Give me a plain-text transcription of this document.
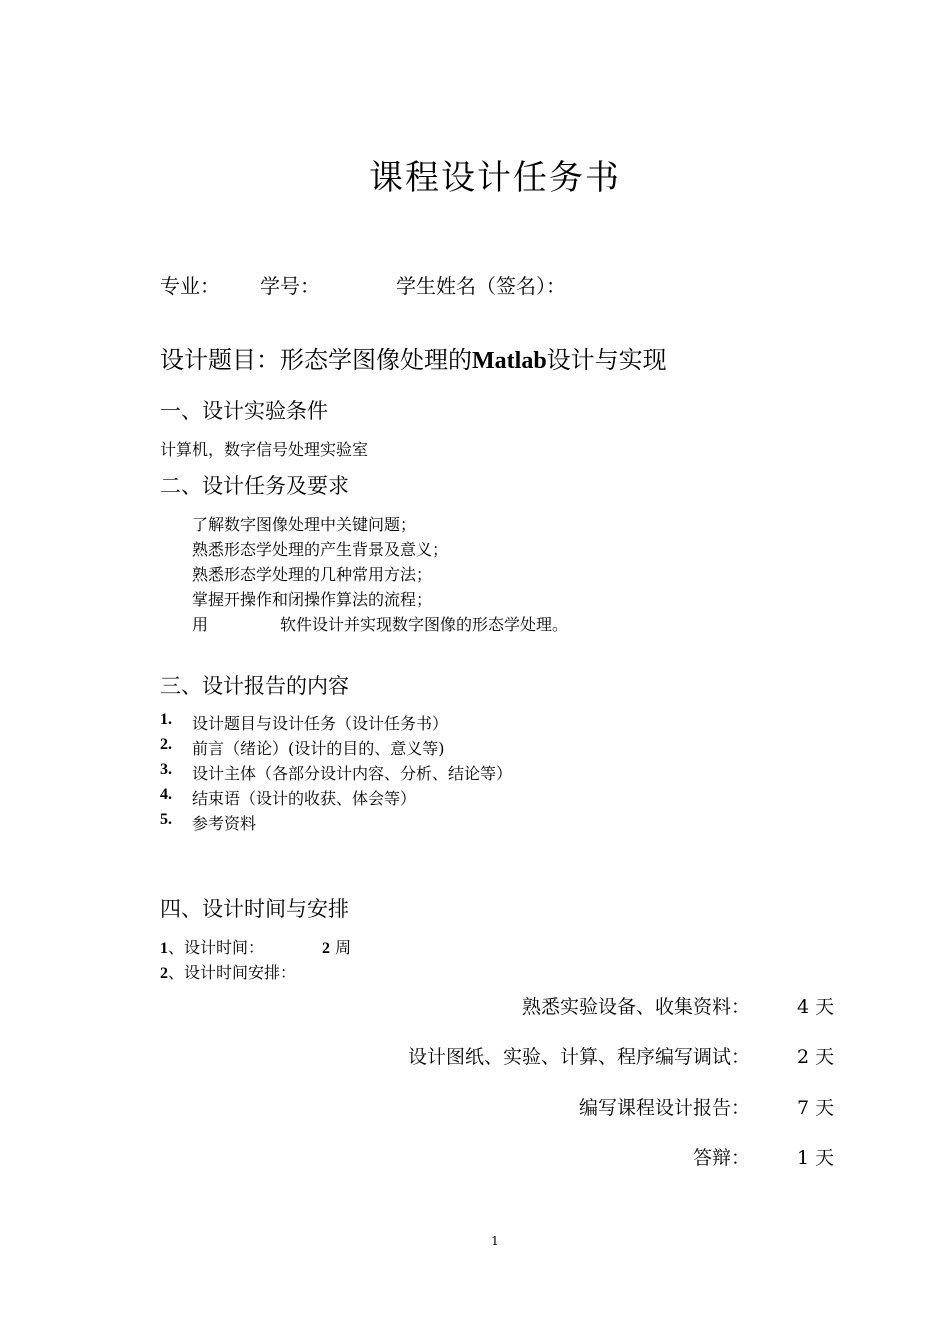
课程设计任务书
专业： 学号：	学生姓名（签名）：
设计题目：形态学图像处理的Matlab设计与实现
一、设计实验条件
计算机，数字信号处理实验室
二、设计任务及要求
了解数字图像处理中关键问题；
熟悉形态学处理的产生背景及意义；
熟悉形态学处理的几种常用方法；
掌握开操作和闭操作算法的流程；
用	软件设计并实现数字图像的形态学处理。
三、设计报告的内容
1. 设计题目与设计任务（设计任务书）
2. 前言（绪论）(设计的目的、意义等)
3. 设计主体（各部分设计内容、分析、结论等）
4. 结束语（设计的收获、体会等）
5. 参考资料
四、设计时间与安排
1、设计时间：	2 周
2、设计时间安排：
熟悉实验设备、收集资料： 4 天
设计图纸、实验、计算、程序编写调试： 2 天
编写课程设计报告： 7 天
答辩： 1 天
1
